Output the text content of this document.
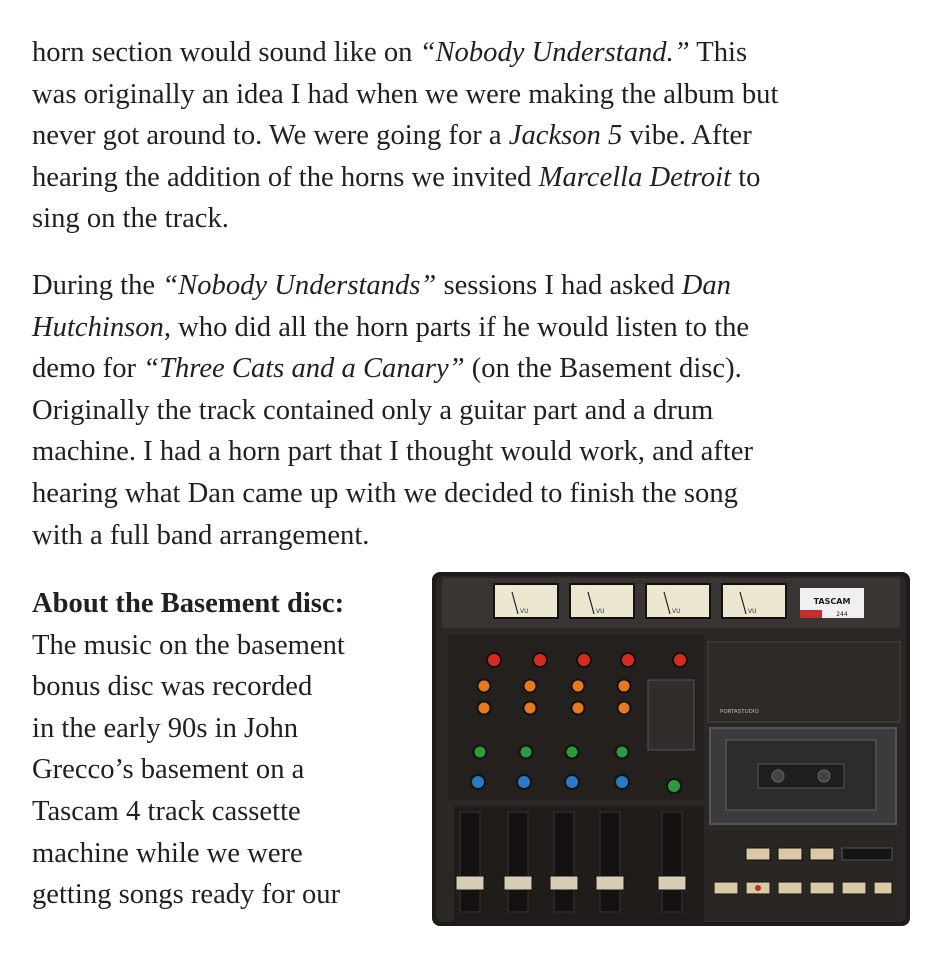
horn section would sound like on “Nobody Understand.” This
was originally an idea I had when we were making the album but
never got around to. We were going for a Jackson 5 vibe. After
hearing the addition of the horns we invited Marcella Detroit to
sing on the track.

During the “Nobody Understands” sessions I had asked Dan
Hutchinson, who did all the horn parts if he would listen to the
demo for “Three Cats and a Canary” (on the Basement disc).
Originally the track contained only a guitar part and a drum
machine. I had a horn part that I thought would work, and after
hearing what Dan came up with we decided to finish the song
with a full band arrangement.

About the Basement disc:
The music on the basement
bonus disc was recorded
in the early 90s in John
Grecco’s basement on a
Tascam 4 track cassette
machine while we were
getting songs ready for our

VU	VU	VU	VU
TASCAM
244
PORTASTUDIO
